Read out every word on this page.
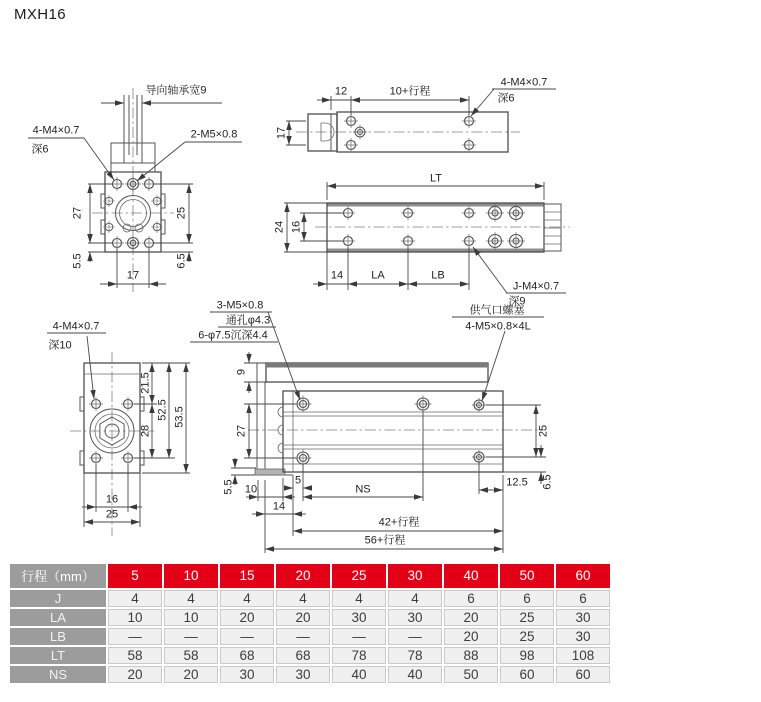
MXH16
导向轴承宽9
4-M4×0.7
深6
2-M5×0.8
27	25
5.5	6.5
17
12	10+行程
4-M4×0.7
深6
17
LT
24 16
14	LA	LB
J-M4×0.7
深9
4-M4×0.7
深10
21.5
28
52.5 53.5
16
25
3-M5×0.8
通孔φ4.3
6-φ7.5沉深4.4
供气口螺塞
4-M5×0.8×4L
9
27	25
5.5 10
5
NS
12.5 6.5
14
42+行程
56+行程
行程（mm）	5	10	15	20	25	30	40	50	60
J	4	4	4	4	4	4	6	6	6
LA	10	10	20	20	30	30	20	25	30
LB	—	—	—	—	—	—	20	25	30
LT	58	58	68	68	78	78	88	98	108
NS	20	20	30	30	40	40	50	60	60
